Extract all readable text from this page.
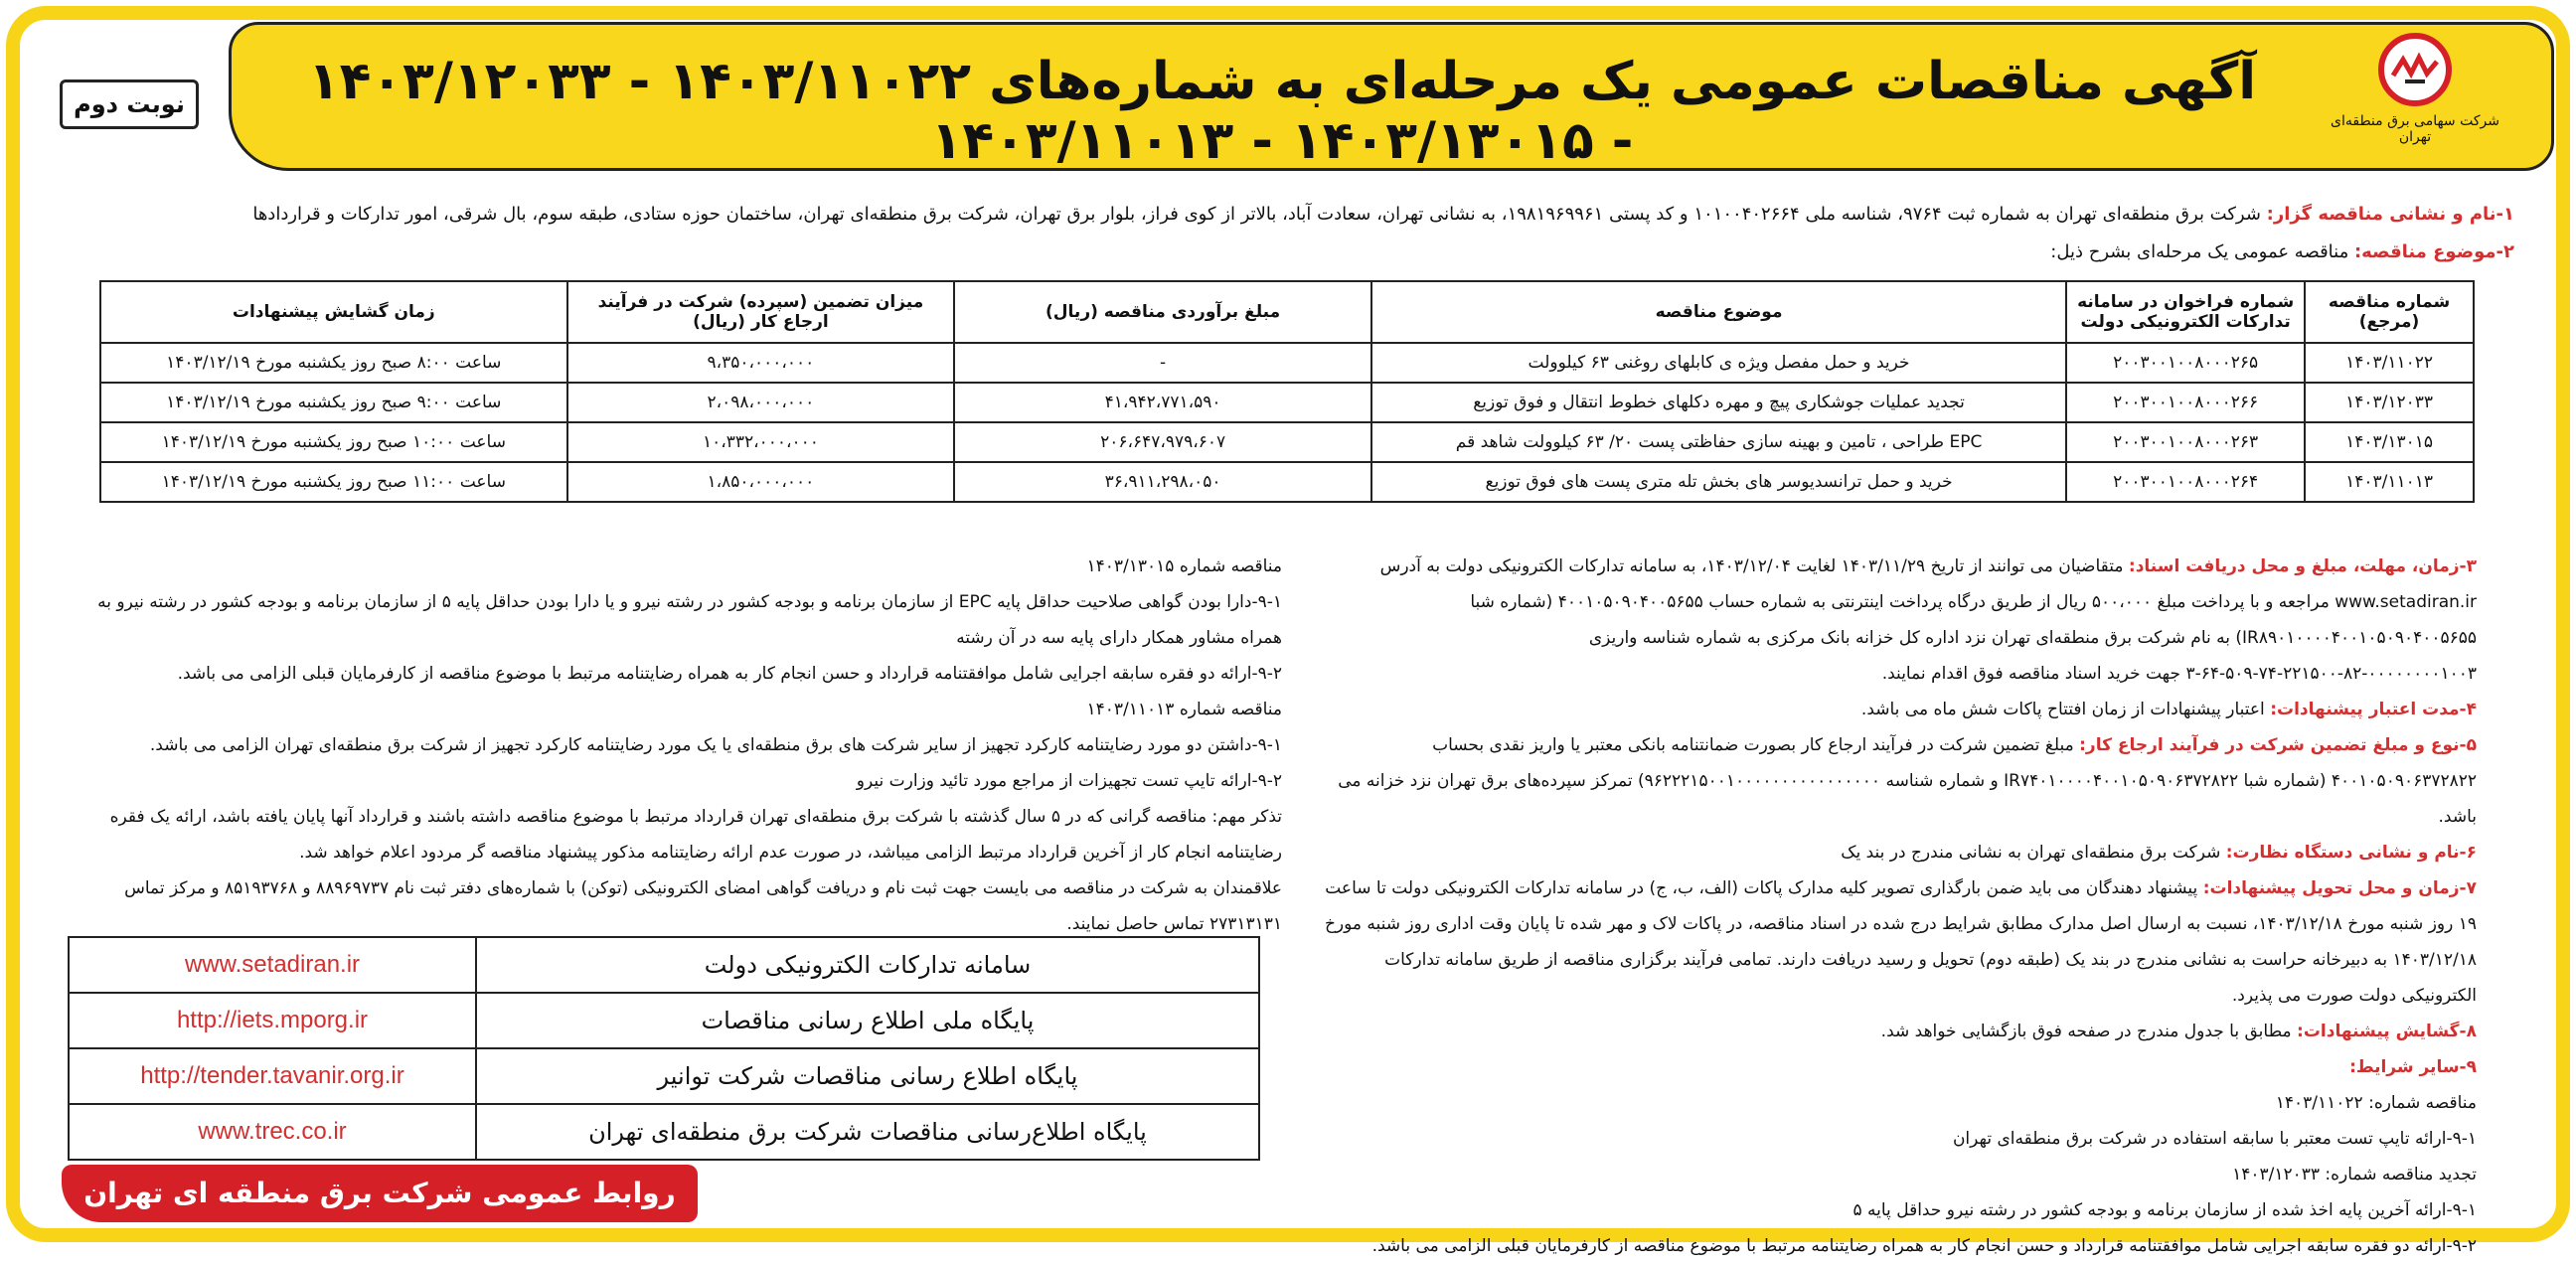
آگهی مناقصات عمومی یک مرحله‌ای به شماره‌های ۱۴۰۳/۱۱۰۲۲ - ۱۴۰۳/۱۲۰۳۳ - ۱۴۰۳/۱۳۰۱۵ - ۱۴۰۳/۱۱۰۱۳	شرکت سهامی برق منطقه‌ای تهران
نوبت دوم
۱-نام و نشانی مناقصه گزار: شرکت برق منطقه‌ای تهران به شماره ثبت ۹۷۶۴، شناسه ملی ۱۰۱۰۰۴۰۲۶۶۴ و کد پستی ۱۹۸۱۹۶۹۹۶۱، به نشانی تهران، سعادت آباد، بالاتر از کوی فراز، بلوار برق تهران، شرکت برق منطقه‌ای تهران، ساختمان حوزه ستادی، طبقه سوم، بال شرقی، امور تدارکات و قراردادها
۲-موضوع مناقصه: مناقصه عمومی یک مرحله‌ای بشرح ذیل:
شماره مناقصه (مرجع)	شماره فراخوان در سامانه تدارکات الکترونیکی دولت	موضوع مناقصه	مبلغ برآوردی مناقصه (ریال)	میزان تضمین (سپرده) شرکت در فرآیند ارجاع کار (ریال)	زمان گشایش پیشنهادات
۱۴۰۳/۱۱۰۲۲	۲۰۰۳۰۰۱۰۰۸۰۰۰۲۶۵	خرید و حمل مفصل ویژه ی کابلهای روغنی ۶۳ کیلوولت	-	۹،۳۵۰،۰۰۰،۰۰۰	ساعت ۸:۰۰ صبح روز یکشنبه مورخ ۱۴۰۳/۱۲/۱۹
۱۴۰۳/۱۲۰۳۳	۲۰۰۳۰۰۱۰۰۸۰۰۰۲۶۶	تجدید عملیات جوشکاری پیچ و مهره دکلهای خطوط انتقال و فوق توزیع	۴۱،۹۴۲،۷۷۱،۵۹۰	۲،۰۹۸،۰۰۰،۰۰۰	ساعت ۹:۰۰ صبح روز یکشنبه مورخ ۱۴۰۳/۱۲/۱۹
۱۴۰۳/۱۳۰۱۵	۲۰۰۳۰۰۱۰۰۸۰۰۰۲۶۳	EPC طراحی ، تامین و بهینه سازی حفاظتی پست ۲۰/ ۶۳ کیلوولت شاهد قم	۲۰۶،۶۴۷،۹۷۹،۶۰۷	۱۰،۳۳۲،۰۰۰،۰۰۰	ساعت ۱۰:۰۰ صبح روز یکشنبه مورخ ۱۴۰۳/۱۲/۱۹
۱۴۰۳/۱۱۰۱۳	۲۰۰۳۰۰۱۰۰۸۰۰۰۲۶۴	خرید و حمل ترانسدیوسر های بخش تله متری پست های فوق توزیع	۳۶،۹۱۱،۲۹۸،۰۵۰	۱،۸۵۰،۰۰۰،۰۰۰	ساعت ۱۱:۰۰ صبح روز یکشنبه مورخ ۱۴۰۳/۱۲/۱۹
۳-زمان، مهلت، مبلغ و محل دریافت اسناد: متقاضیان می توانند از تاریخ ۱۴۰۳/۱۱/۲۹ لغایت ۱۴۰۳/۱۲/۰۴، به سامانه تدارکات الکترونیکی دولت به آدرس www.setadiran.ir مراجعه و با پرداخت مبلغ ۵۰۰،۰۰۰ ریال از طریق درگاه پرداخت اینترنتی به شماره حساب ۴۰۰۱۰۵۰۹۰۴۰۰۵۶۵۵ (شماره شبا IR۸۹۰۱۰۰۰۰۴۰۰۱۰۵۰۹۰۴۰۰۵۶۵۵) به نام شرکت برق منطقه‌ای تهران نزد اداره کل خزانه بانک مرکزی به شماره شناسه واریزی ۰۰۰۰۰۰۰۰۱۰۰۳-۸۲-۲۲۱۵۰۰-۷۴-۵۰۹-۶۴-۳ جهت خرید اسناد مناقصه فوق اقدام نمایند.
۴-مدت اعتبار پیشنهادات: اعتبار پیشنهادات از زمان افتتاح پاکات شش ماه می باشد.
۵-نوع و مبلغ تضمین شرکت در فرآیند ارجاع کار: مبلغ تضمین شرکت در فرآیند ارجاع کار بصورت ضمانتنامه بانکی معتبر یا واریز نقدی بحساب ۴۰۰۱۰۵۰۹۰۶۳۷۲۸۲۲ (شماره شبا IR۷۴۰۱۰۰۰۰۴۰۰۱۰۵۰۹۰۶۳۷۲۸۲۲ و شماره شناسه ۹۶۲۲۲۱۵۰۰۱۰۰۰۰۰۰۰۰۰۰۰۰۰۰۰۰) تمرکز سپرده‌های برق تهران نزد خزانه می باشد.
۶-نام و نشانی دستگاه نظارت: شرکت برق منطقه‌ای تهران به نشانی مندرج در بند یک
۷-زمان و محل تحویل پیشنهادات: پیشنهاد دهندگان می باید ضمن بارگذاری تصویر کلیه مدارک پاکات (الف، ب، ج) در سامانه تدارکات الکترونیکی دولت تا ساعت ۱۹ روز شنبه مورخ ۱۴۰۳/۱۲/۱۸، نسبت به ارسال اصل مدارک مطابق شرایط درج شده در اسناد مناقصه، در پاکات لاک و مهر شده تا پایان وقت اداری روز شنبه مورخ ۱۴۰۳/۱۲/۱۸ به دبیرخانه حراست به نشانی مندرج در بند یک (طبقه دوم) تحویل و رسید دریافت دارند. تمامی فرآیند برگزاری مناقصه از طریق سامانه تدارکات الکترونیکی دولت صورت می پذیرد.
۸-گشایش پیشنهادات: مطابق با جدول مندرج در صفحه فوق بازگشایی خواهد شد.
۹-سایر شرایط:
مناقصه شماره: ۱۴۰۳/۱۱۰۲۲
۹-۱-ارائه تایپ تست معتبر با سابقه استفاده در شرکت برق منطقه‌ای تهران
تجدید مناقصه شماره: ۱۴۰۳/۱۲۰۳۳
۹-۱-ارائه آخرین پایه اخذ شده از سازمان برنامه و بودجه کشور در رشته نیرو حداقل پایه ۵
۹-۲-ارائه دو فقره سابقه اجرایی شامل موافقتنامه قرارداد و حسن انجام کار به همراه رضایتنامه مرتبط با موضوع مناقصه از کارفرمایان قبلی الزامی می باشد.
مناقصه شماره ۱۴۰۳/۱۳۰۱۵
۹-۱-دارا بودن گواهی صلاحیت حداقل پایه EPC از سازمان برنامه و بودجه کشور در رشته نیرو و یا دارا بودن حداقل پایه ۵ از سازمان برنامه و بودجه کشور در رشته نیرو به همراه مشاور همکار دارای پایه سه در آن رشته
۹-۲-ارائه دو فقره سابقه اجرایی شامل موافقتنامه قرارداد و حسن انجام کار به همراه رضایتنامه مرتبط با موضوع مناقصه از کارفرمایان قبلی الزامی می باشد.
مناقصه شماره ۱۴۰۳/۱۱۰۱۳
۹-۱-داشتن دو مورد رضایتنامه کارکرد تجهیز از سایر شرکت های برق منطقه‌ای یا یک مورد رضایتنامه کارکرد تجهیز از شرکت برق منطقه‌ای تهران الزامی می باشد.
۹-۲-ارائه تایپ تست تجهیزات از مراجع مورد تائید وزارت نیرو
تذکر مهم: مناقصه گرانی که در ۵ سال گذشته با شرکت برق منطقه‌ای تهران قرارداد مرتبط با موضوع مناقصه داشته باشند و قرارداد آنها پایان یافته باشد، ارائه یک فقره رضایتنامه انجام کار از آخرین قرارداد مرتبط الزامی میباشد، در صورت عدم ارائه رضایتنامه مذکور پیشنهاد مناقصه گر مردود اعلام خواهد شد.
علاقمندان به شرکت در مناقصه می بایست جهت ثبت نام و دریافت گواهی امضای الکترونیکی (توکن) با شماره‌های دفتر ثبت نام ۸۸۹۶۹۷۳۷ و ۸۵۱۹۳۷۶۸ و مرکز تماس ۲۷۳۱۳۱۳۱ تماس حاصل نمایند.
www.setadiran.ir	سامانه تدارکات الکترونیکی دولت
http://iets.mporg.ir	پایگاه ملی اطلاع رسانی مناقصات
http://tender.tavanir.org.ir	پایگاه اطلاع رسانی مناقصات شرکت توانیر
www.trec.co.ir	پایگاه اطلاع‌رسانی مناقصات شرکت برق منطقه‌ای تهران
روابط عمومی شرکت برق منطقه ای تهران
